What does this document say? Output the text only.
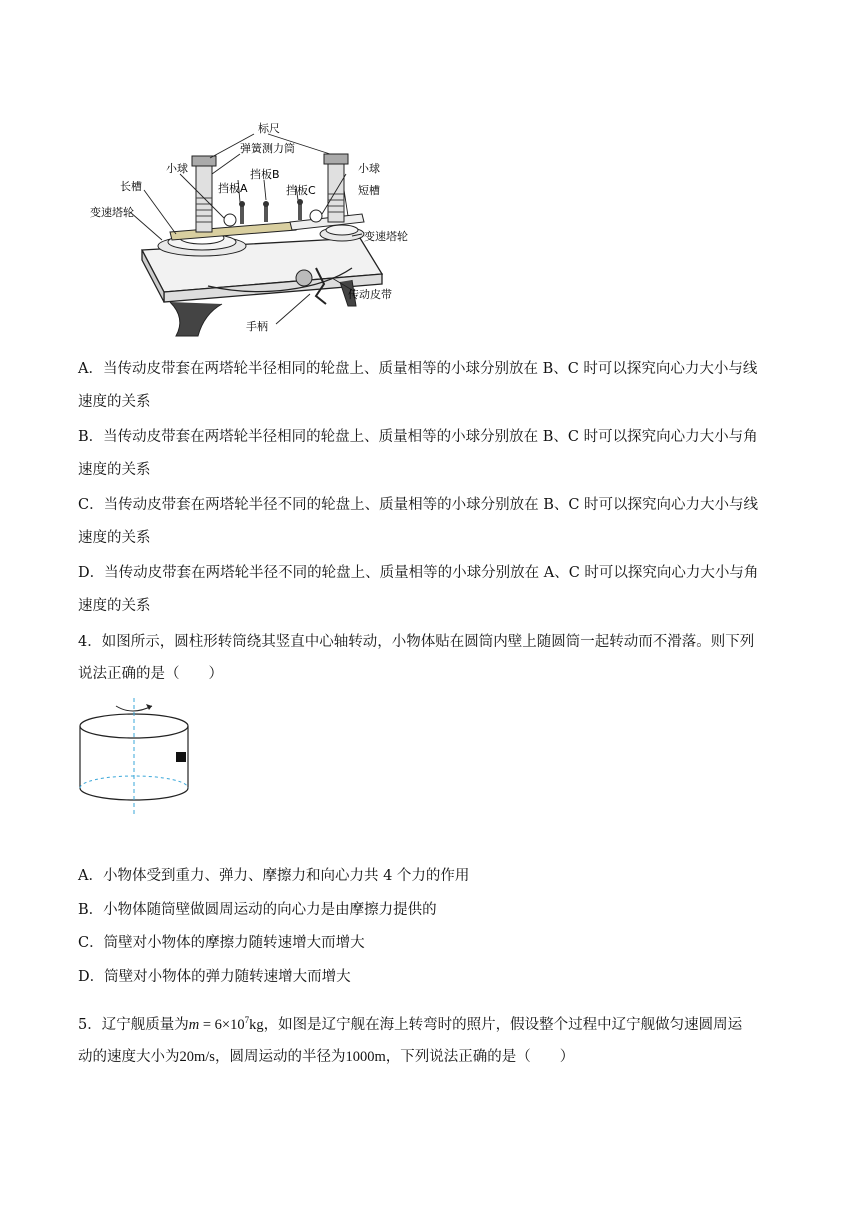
标尺
弹簧测力筒
小球	挡板B	小球
挡板A	挡板C
长槽	短槽
变速塔轮
变速塔轮
传动皮带
手柄
A．当传动皮带套在两塔轮半径相同的轮盘上、质量相等的小球分别放在 B、C 时可以探究向心力大小与线
速度的关系
B．当传动皮带套在两塔轮半径相同的轮盘上、质量相等的小球分别放在 B、C 时可以探究向心力大小与角
速度的关系
C．当传动皮带套在两塔轮半径不同的轮盘上、质量相等的小球分别放在 B、C 时可以探究向心力大小与线
速度的关系
D．当传动皮带套在两塔轮半径不同的轮盘上、质量相等的小球分别放在 A、C 时可以探究向心力大小与角
速度的关系
4．如图所示，圆柱形转筒绕其竖直中心轴转动，小物体贴在圆筒内壁上随圆筒一起转动而不滑落。则下列
说法正确的是（　　）
A．小物体受到重力、弹力、摩擦力和向心力共 4 个力的作用
B．小物体随筒壁做圆周运动的向心力是由摩擦力提供的
C．筒壁对小物体的摩擦力随转速增大而增大
D．筒壁对小物体的弹力随转速增大而增大
5．辽宁舰质量为$m = 6\times 10^7kg$，如图是辽宁舰在海上转弯时的照片，假设整个过程中辽宁舰做匀速圆周运
动的速度大小为20m/s，圆周运动的半径为1000m，下列说法正确的是（　　）
